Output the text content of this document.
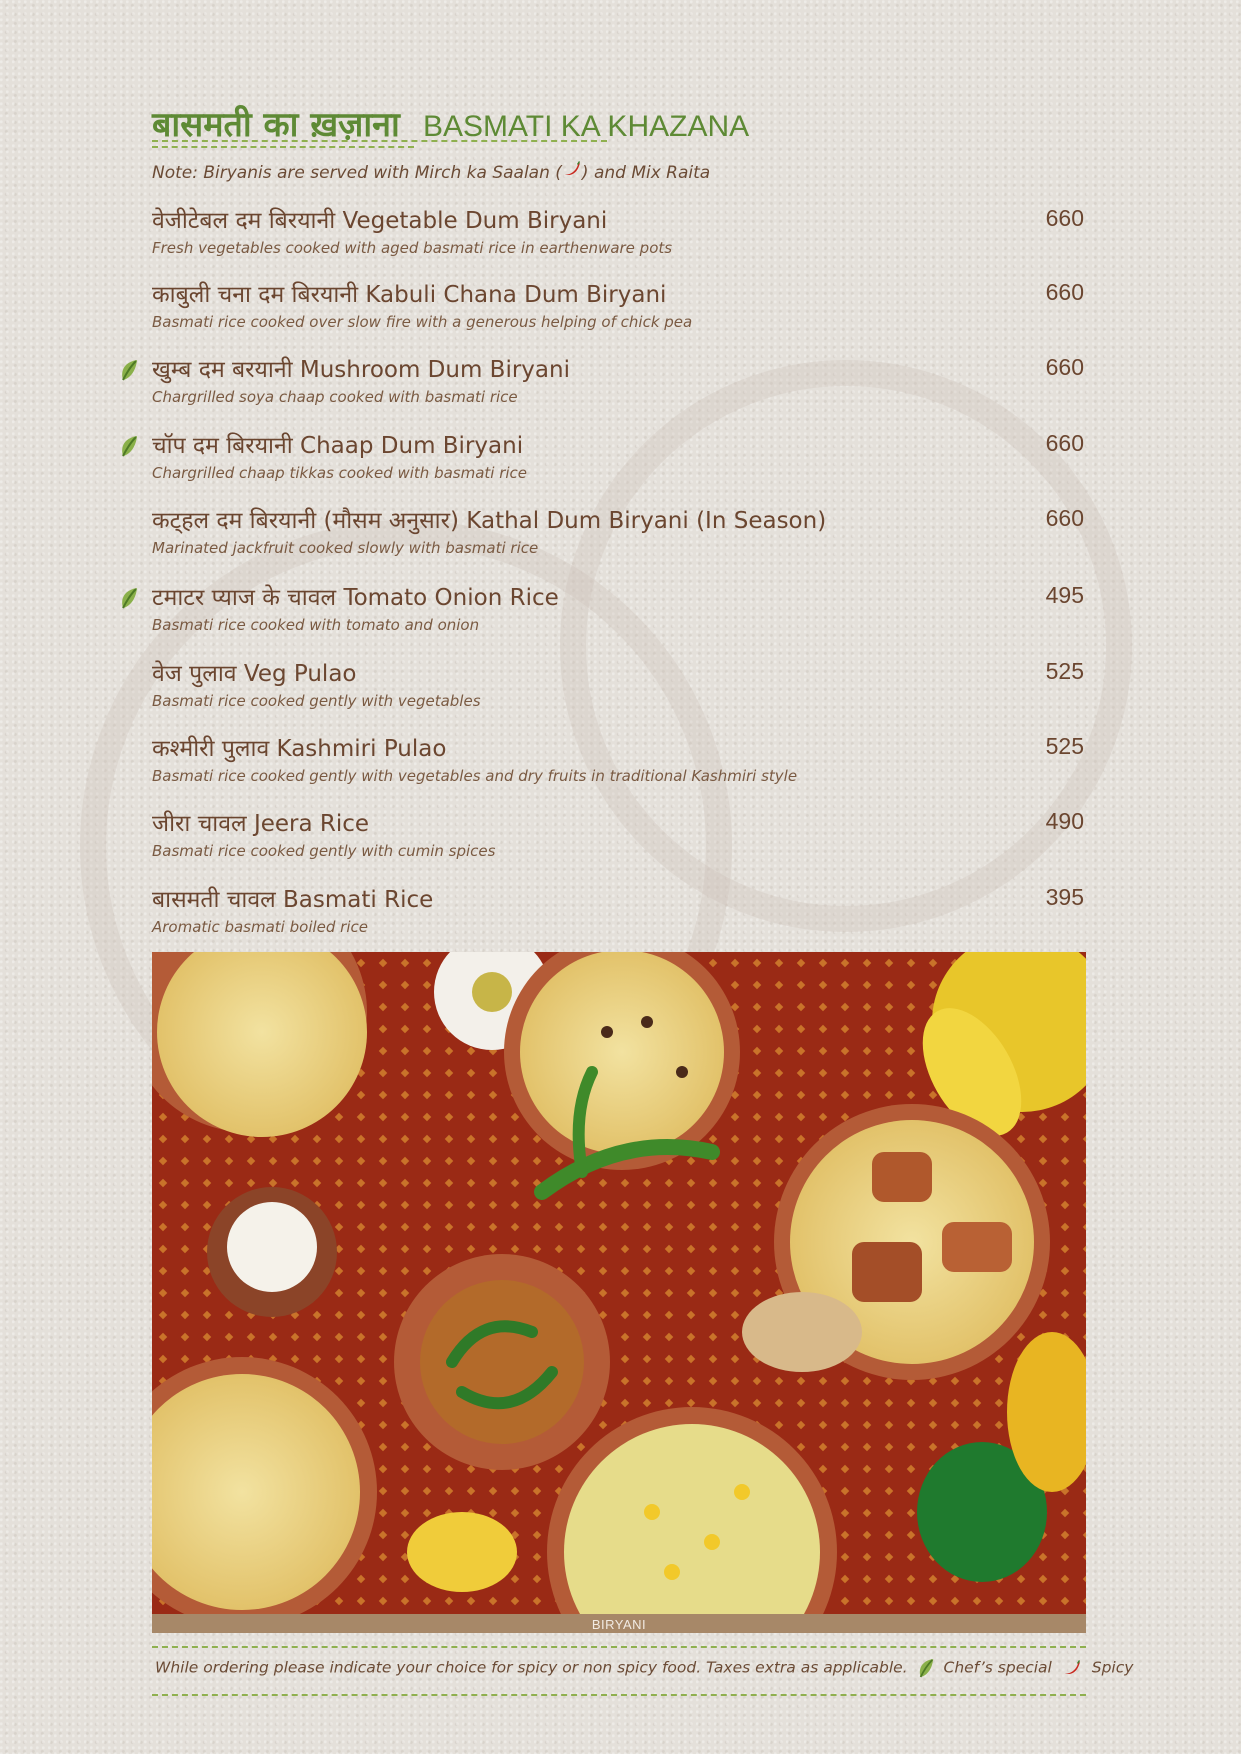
बासमती का ख़ज़ाना BASMATI KA KHAZANA
Note: Biryanis are served with Mirch ka Saalan ( ) and Mix Raita
वेजीटेबल दम बिरयानी Vegetable Dum Biryani
Fresh vegetables cooked with aged basmati rice in earthenware pots
660
काबुली चना दम बिरयानी Kabuli Chana Dum Biryani
Basmati rice cooked over slow fire with a generous helping of chick pea
660
खुम्ब दम बरयानी Mushroom Dum Biryani
Chargrilled soya chaap cooked with basmati rice
660
चॉप दम बिरयानी Chaap Dum Biryani
Chargrilled chaap tikkas cooked with basmati rice
660
कट्हल दम बिरयानी (मौसम अनुसार) Kathal Dum Biryani (In Season)
Marinated jackfruit cooked slowly with basmati rice
660
टमाटर प्याज के चावल Tomato Onion Rice
Basmati rice cooked with tomato and onion
495
वेज पुलाव Veg Pulao
Basmati rice cooked gently with vegetables
525
कश्मीरी पुलाव Kashmiri Pulao
Basmati rice cooked gently with vegetables and dry fruits in traditional Kashmiri style
525
जीरा चावल Jeera Rice
Basmati rice cooked gently with cumin spices
490
बासमती चावल Basmati Rice
Aromatic basmati boiled rice
395
BIRYANI
While ordering please indicate your choice for spicy or non spicy food. Taxes extra as applicable. Chef’s special	Spicy
